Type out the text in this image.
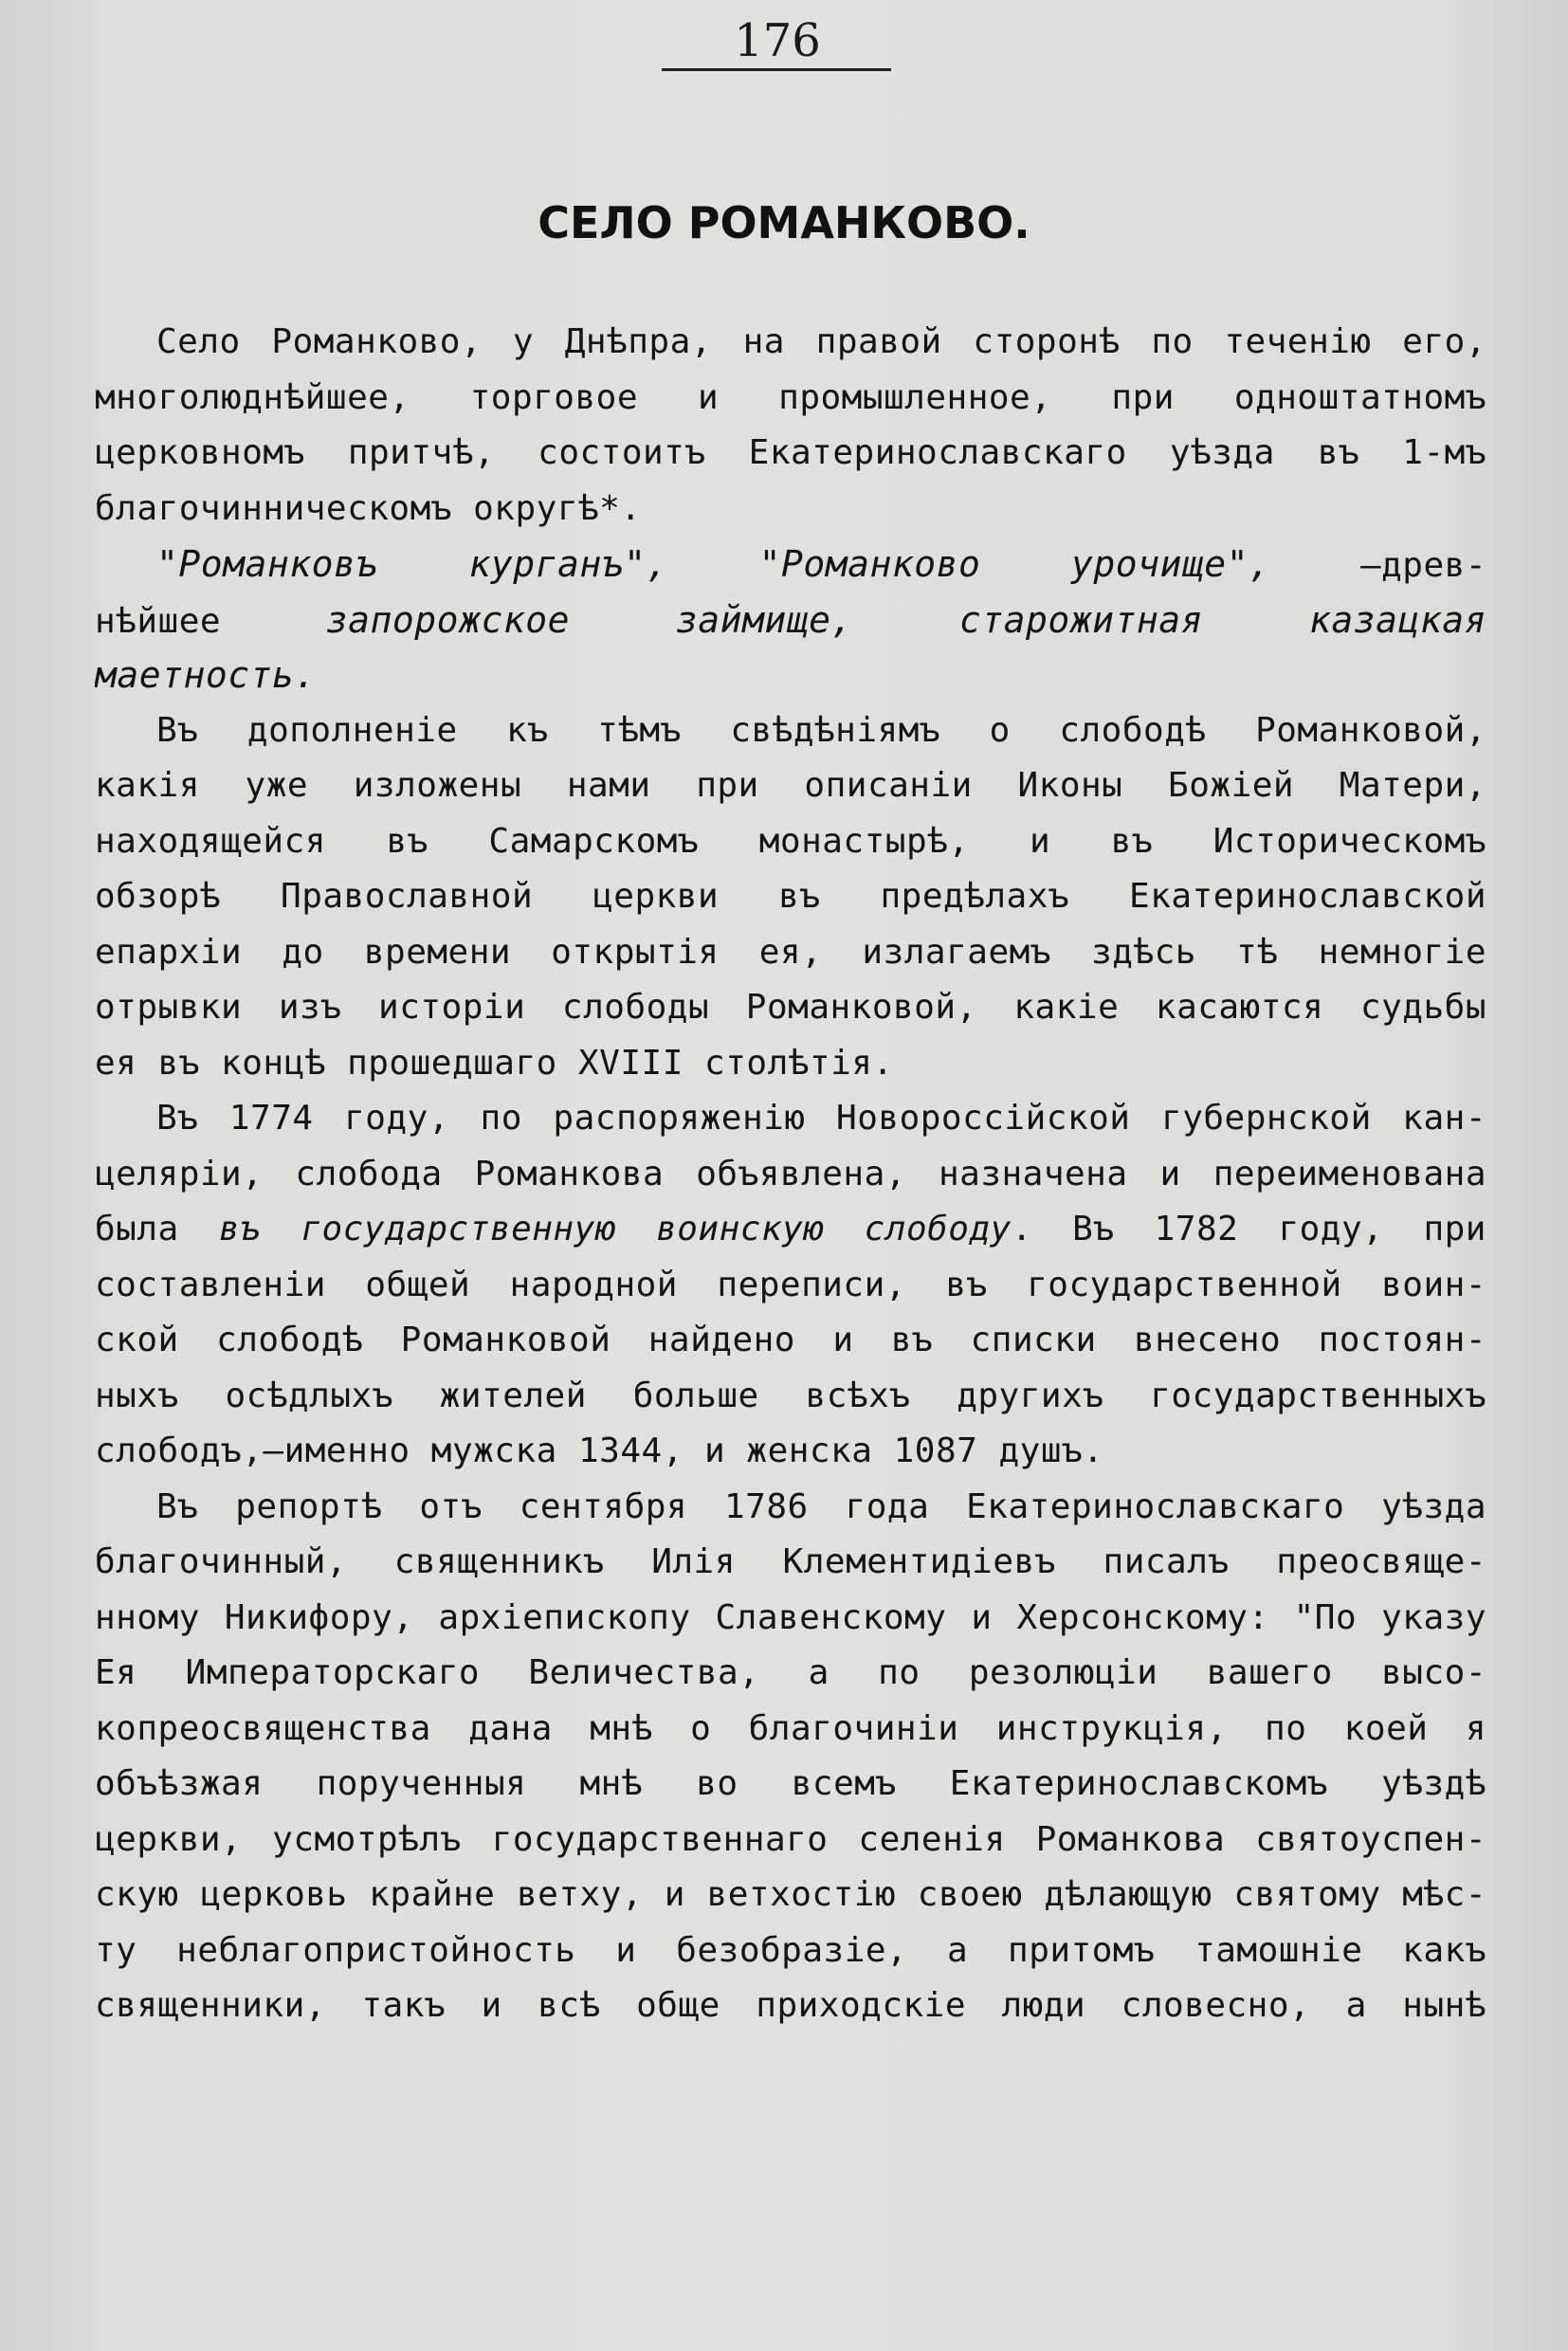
176
СЕЛО РОМАНКОВО.
Село Романково, у Днѣпра, на правой сторонѣ по теченію его,
многолюднѣйшее, торговое и промышленное, при одноштатномъ
церковномъ притчѣ, состоитъ Екатеринославскаго уѣзда въ 1-мъ
благочинническомъ округѣ*.
"Романковъ курганъ", "Романково урочище",	—древ-
нѣйшее	запорожское займище, старожитная казацкая
маетность.
Въ дополненіе къ тѣмъ свѣдѣніямъ о слободѣ Романковой,
какія уже изложены нами при описаніи Иконы Божіей Матери,
находящейся въ Самарскомъ монастырѣ, и въ Историческомъ
обзорѣ Православной церкви въ предѣлахъ Екатеринославской
епархіи до времени открытія ея, излагаемъ здѣсь тѣ немногіе
отрывки изъ исторіи слободы Романковой, какіе касаются судьбы
ея въ концѣ прошедшаго XVIII столѣтія.
Въ 1774 году, по распоряженію Новороссійской губернской кан-
целяріи, слобода Романкова объявлена, назначена и переименована
была въ государственную воинскую слободу. Въ 1782 году, при
составленіи общей народной переписи, въ государственной воин-
ской слободѣ Романковой найдено и въ списки внесено постоян-
ныхъ осѣдлыхъ жителей больше всѣхъ другихъ государственныхъ
слободъ,—именно мужска 1344, и женска 1087 душъ.
Въ репортѣ отъ сентября 1786 года Екатеринославскаго уѣзда
благочинный, священникъ Илія Клементидіевъ писалъ преосвяще-
нному Никифору, архіепископу Славенскому и Херсонскому: "По указу
Ея Императорскаго Величества, а по резолюціи вашего высо-
копреосвященства дана мнѣ о благочиніи инструкція, по коей я
объѣзжая порученныя мнѣ во всемъ Екатеринославскомъ уѣздѣ
церкви, усмотрѣлъ государственнаго селенія Романкова святоуспен-
скую церковь крайне ветху, и ветхостію своею дѣлающую святому мѣс-
ту неблагопристойность и безобразіе, а притомъ тамошніе какъ
священники, такъ и всѣ обще приходскіе люди словесно, а нынѣ
